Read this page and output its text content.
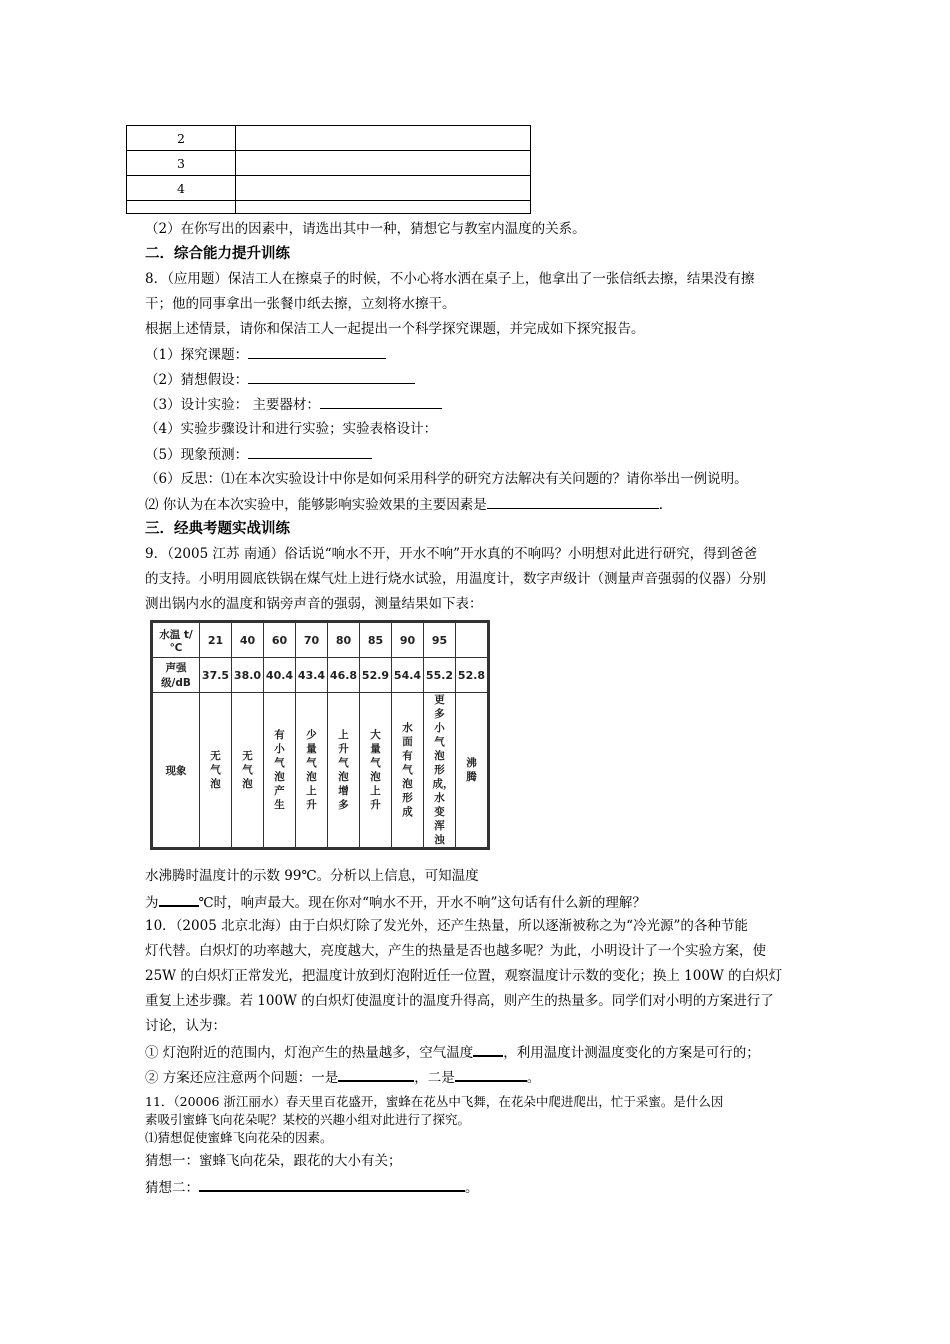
2	
3	
4	

（2）在你写出的因素中，请选出其中一种，猜想它与教室内温度的关系。
二．综合能力提升训练
8．（应用题）保洁工人在擦桌子的时候，不小心将水洒在桌子上，他拿出了一张信纸去擦，结果没有擦
干；他的同事拿出一张餐巾纸去擦，立刻将水擦干。
根据上述情景，请你和保洁工人一起提出一个科学探究课题，并完成如下探究报告。
（1）探究课题：
（2）猜想假设：
（3）设计实验： 主要器材：
（4）实验步骤设计和进行实验；实验表格设计：
（5）现象预测：
（6）反思：⑴在本次实验设计中你是如何采用科学的研究方法解决有关问题的？请你举出一例说明。
⑵ 你认为在本次实验中，能够影响实验效果的主要因素是	.
三．经典考题实战训练
9．（2005 江苏 南通）俗话说“响水不开，开水不响”开水真的不响吗？小明想对此进行研究，得到爸爸
的支持。小明用圆底铁锅在煤气灶上进行烧水试验，用温度计，数字声级计（测量声音强弱的仪器）分别
测出锅内水的温度和锅旁声音的强弱，测量结果如下表：
水温 t/℃	21	40	60	70	80	85	90	95	
声强级/dB	37.5	38.0	40.4	43.4	46.8	52.9	54.4	55.2	52.8
现象	无气泡	无气泡	有小气泡产生	少量气泡上升	上升气泡增多	大量气泡上升	水面有气泡形成	更多小气泡形成，水变浑浊	沸腾
水沸腾时温度计的示数 99℃。分析以上信息，可知温度
为	℃时，响声最大。现在你对“响水不开，开水不响”这句话有什么新的理解？
10．（2005 北京北海）由于白炽灯除了发光外，还产生热量，所以逐渐被称之为“冷光源”的各种节能
灯代替。白炽灯的功率越大，亮度越大，产生的热量是否也越多呢？为此，小明设计了一个实验方案，使
25W 的白炽灯正常发光，把温度计放到灯泡附近任一位置，观察温度计示数的变化；换上 100W 的白炽灯
重复上述步骤。若 100W 的白炽灯使温度计的温度升得高，则产生的热量多。同学们对小明的方案进行了
讨论，认为：
① 灯泡附近的范围内，灯泡产生的热量越多，空气温度 ，利用温度计测温度变化的方案是可行的；
② 方案还应注意两个问题：一是	，二是	。
11．（20006 浙江丽水）春天里百花盛开，蜜蜂在花丛中飞舞，在花朵中爬进爬出，忙于采蜜。是什么因
素吸引蜜蜂飞向花朵呢？某校的兴趣小组对此进行了探究。
⑴猜想促使蜜蜂飞向花朵的因素。
猜想一：蜜蜂飞向花朵，跟花的大小有关；
猜想二：	。
